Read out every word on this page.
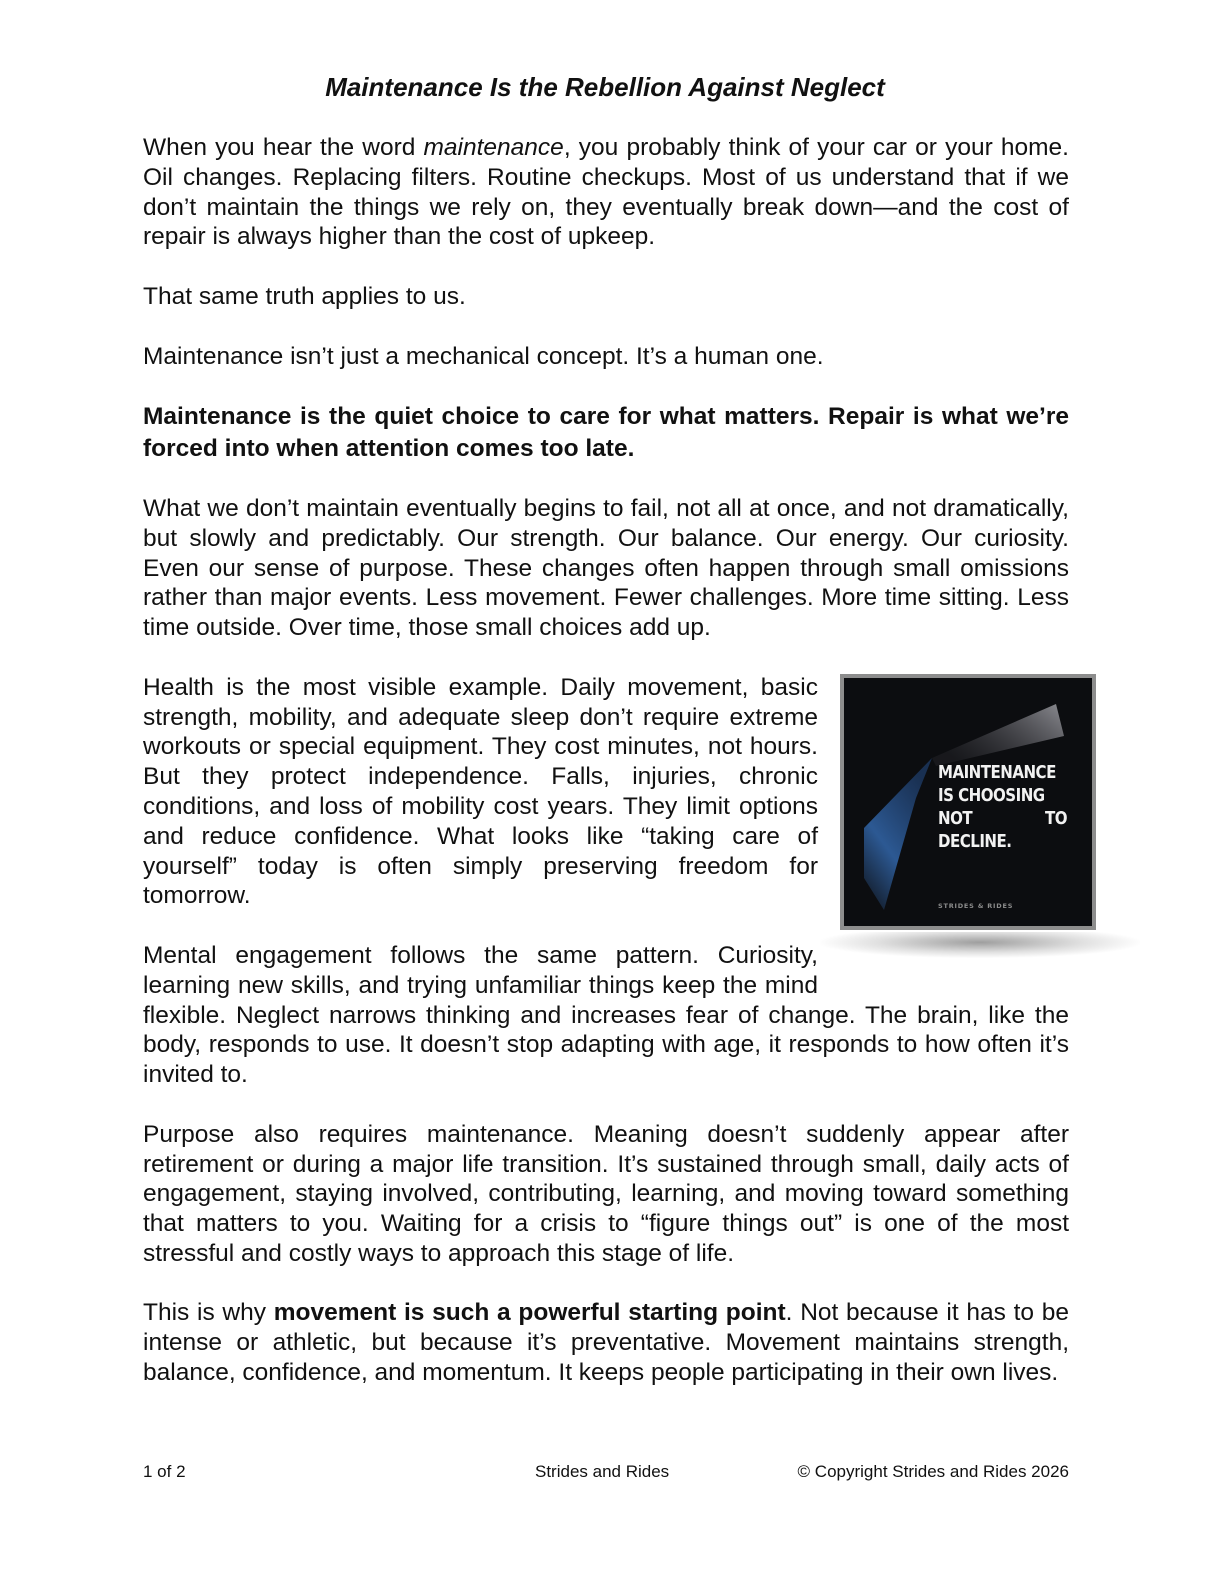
Maintenance Is the Rebellion Against Neglect

When you hear the word maintenance, you probably think of your car or your home. Oil changes. Replacing filters. Routine checkups. Most of us understand that if we don’t maintain the things we rely on, they eventually break down—and the cost of repair is always higher than the cost of upkeep.

That same truth applies to us.

Maintenance isn’t just a mechanical concept. It’s a human one.

Maintenance is the quiet choice to care for what matters. Repair is what we’re forced into when attention comes too late.

What we don’t maintain eventually begins to fail, not all at once, and not dramatically, but slowly and predictably. Our strength. Our balance. Our energy. Our curiosity. Even our sense of purpose. These changes often happen through small omissions rather than major events. Less movement. Fewer challenges. More time sitting. Less time outside. Over time, those small choices add up.

MAINTENANCE
IS CHOOSING
NOT TO DECLINE.
STRIDES & RIDES

Health is the most visible example. Daily movement, basic strength, mobility, and adequate sleep don’t require extreme workouts or special equipment. They cost minutes, not hours. But they protect independence. Falls, injuries, chronic conditions, and loss of mobility cost years. They limit options and reduce confidence. What looks like “taking care of yourself” today is often simply preserving freedom for tomorrow.

Mental engagement follows the same pattern. Curiosity, learning new skills, and trying unfamiliar things keep the mind flexible. Neglect narrows thinking and increases fear of change. The brain, like the body, responds to use. It doesn’t stop adapting with age, it responds to how often it’s invited to.

Purpose also requires maintenance. Meaning doesn’t suddenly appear after retirement or during a major life transition. It’s sustained through small, daily acts of engagement, staying involved, contributing, learning, and moving toward something that matters to you. Waiting for a crisis to “figure things out” is one of the most stressful and costly ways to approach this stage of life.

This is why movement is such a powerful starting point. Not because it has to be intense or athletic, but because it’s preventative. Movement maintains strength, balance, confidence, and momentum. It keeps people participating in their own lives.

1 of 2	Strides and Rides	© Copyright Strides and Rides 2026
